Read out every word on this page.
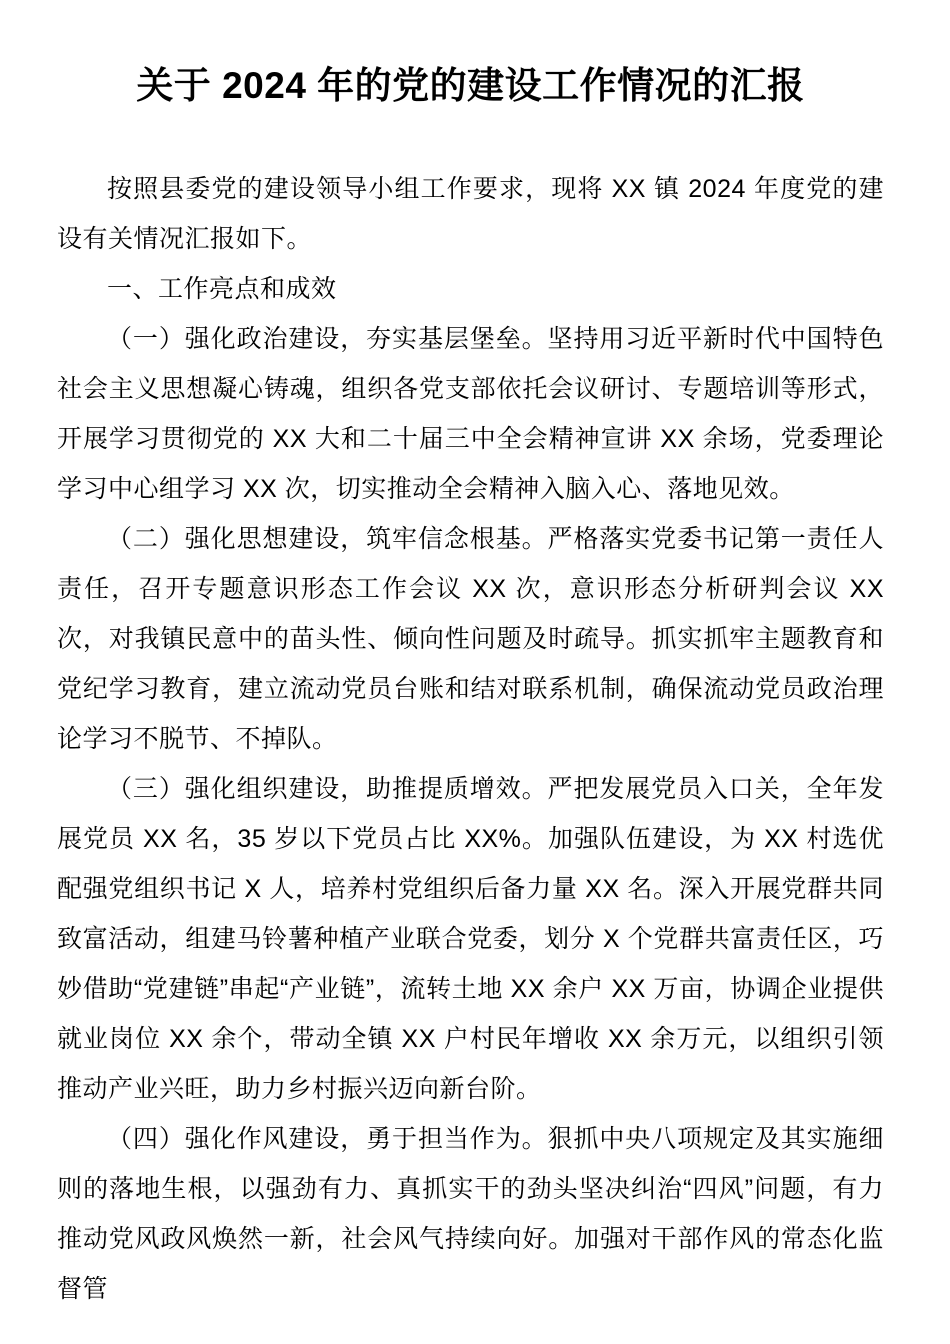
关于 2024 年的党的建设工作情况的汇报

按照县委党的建设领导小组工作要求，现将 XX 镇 2024 年度党的建设有关情况汇报如下。

一、工作亮点和成效

（一）强化政治建设，夯实基层堡垒。坚持用习近平新时代中国特色社会主义思想凝心铸魂，组织各党支部依托会议研讨、专题培训等形式，开展学习贯彻党的 XX 大和二十届三中全会精神宣讲 XX 余场，党委理论学习中心组学习 XX 次，切实推动全会精神入脑入心、落地见效。

（二）强化思想建设，筑牢信念根基。严格落实党委书记第一责任人责任，召开专题意识形态工作会议 XX 次，意识形态分析研判会议 XX 次，对我镇民意中的苗头性、倾向性问题及时疏导。抓实抓牢主题教育和党纪学习教育，建立流动党员台账和结对联系机制，确保流动党员政治理论学习不脱节、不掉队。

（三）强化组织建设，助推提质增效。严把发展党员入口关，全年发展党员 XX 名，35 岁以下党员占比 XX%。加强队伍建设，为 XX 村选优配强党组织书记 X 人，培养村党组织后备力量 XX 名。深入开展党群共同致富活动，组建马铃薯种植产业联合党委，划分 X 个党群共富责任区，巧妙借助“党建链”串起“产业链”，流转土地 XX 余户 XX 万亩，协调企业提供就业岗位 XX 余个，带动全镇 XX 户村民年增收 XX 余万元，以组织引领推动产业兴旺，助力乡村振兴迈向新台阶。

（四）强化作风建设，勇于担当作为。狠抓中央八项规定及其实施细则的落地生根，以强劲有力、真抓实干的劲头坚决纠治“四风”问题，有力推动党风政风焕然一新，社会风气持续向好。加强对干部作风的常态化监督管
